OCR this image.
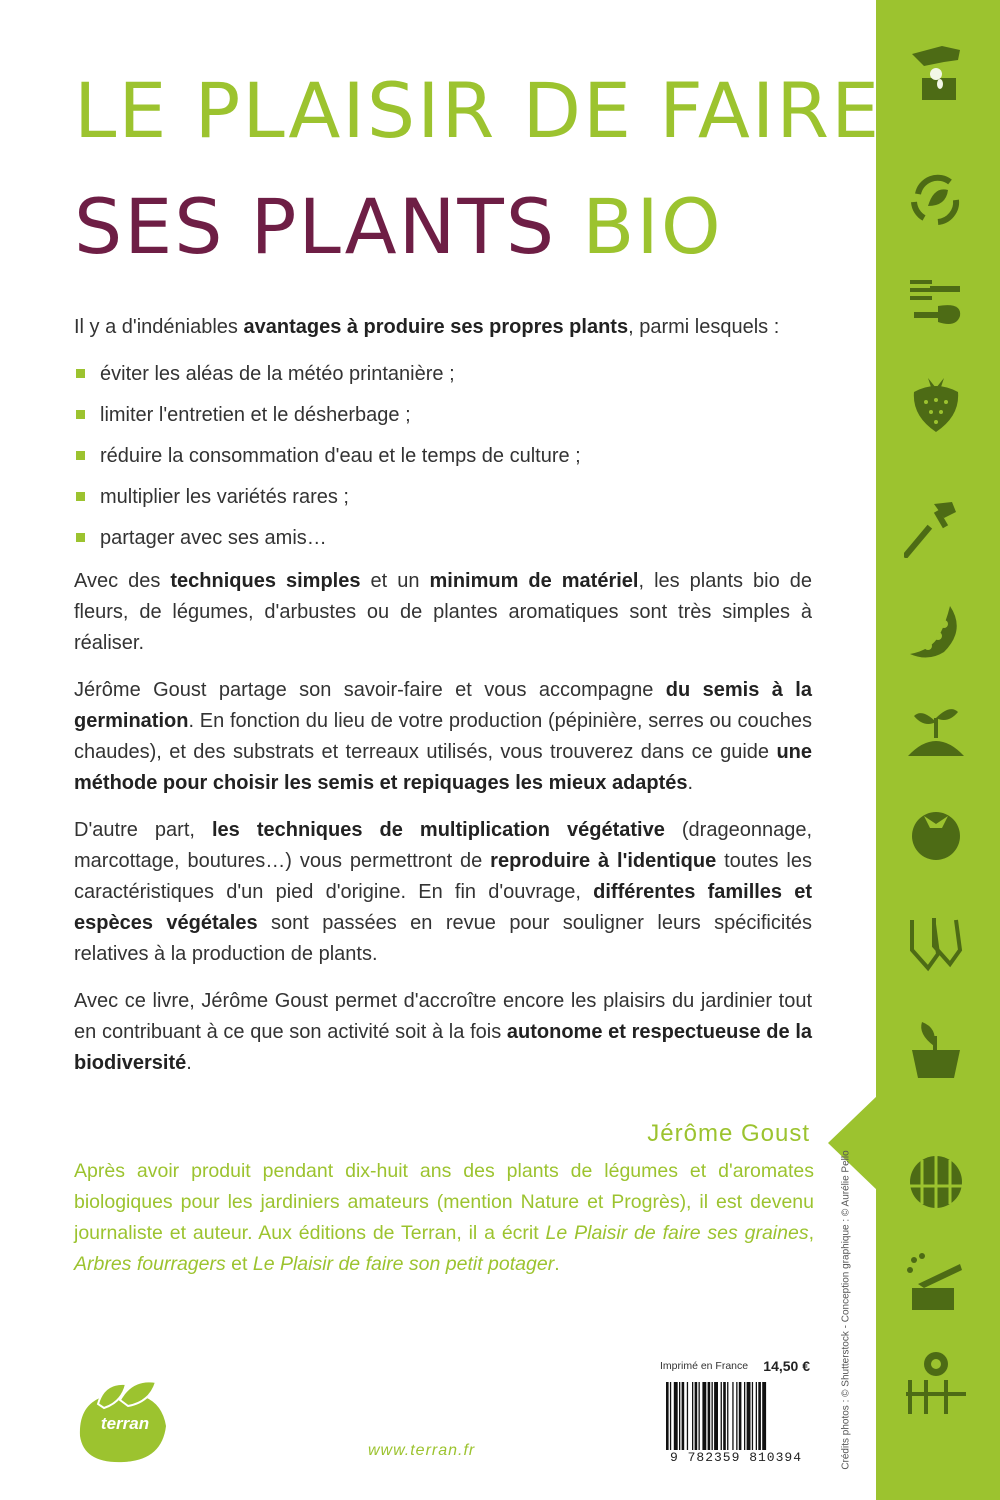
LE PLAISIR DE FAIRE
SES PLANTS BIO

Il y a d'indéniables avantages à produire ses propres plants, parmi lesquels :

éviter les aléas de la météo printanière ;
limiter l'entretien et le désherbage ;
réduire la consommation d'eau et le temps de culture ;
multiplier les variétés rares ;
partager avec ses amis…

Avec des techniques simples et un minimum de matériel, les plants bio de fleurs, de légumes, d'arbustes ou de plantes aromatiques sont très simples à réaliser.

Jérôme Goust partage son savoir-faire et vous accompagne du semis à la germination. En fonction du lieu de votre production (pépinière, serres ou couches chaudes), et des substrats et terreaux utilisés, vous trouverez dans ce guide une méthode pour choisir les semis et repiquages les mieux adaptés.

D'autre part, les techniques de multiplication végétative (drageonnage, marcottage, boutures…) vous permettront de reproduire à l'identique toutes les caractéristiques d'un pied d'origine. En fin d'ouvrage, différentes familles et espèces végétales sont passées en revue pour souligner leurs spécificités relatives à la production de plants.

Avec ce livre, Jérôme Goust permet d'accroître encore les plaisirs du jardinier tout en contribuant à ce que son activité soit à la fois autonome et respectueuse de la biodiversité.

Jérôme Goust
Après avoir produit pendant dix-huit ans des plants de légumes et d'aromates biologiques pour les jardiniers amateurs (mention Nature et Progrès), il est devenu journaliste et auteur. Aux éditions de Terran, il a écrit Le Plaisir de faire ses graines, Arbres fourragers et Le Plaisir de faire son petit potager.	Crédits photos : © Shutterstock - Conception graphique : © Aurélie Pello
Imprimé en France 14,50 €
9 782359 810394
terran
www.terran.fr
